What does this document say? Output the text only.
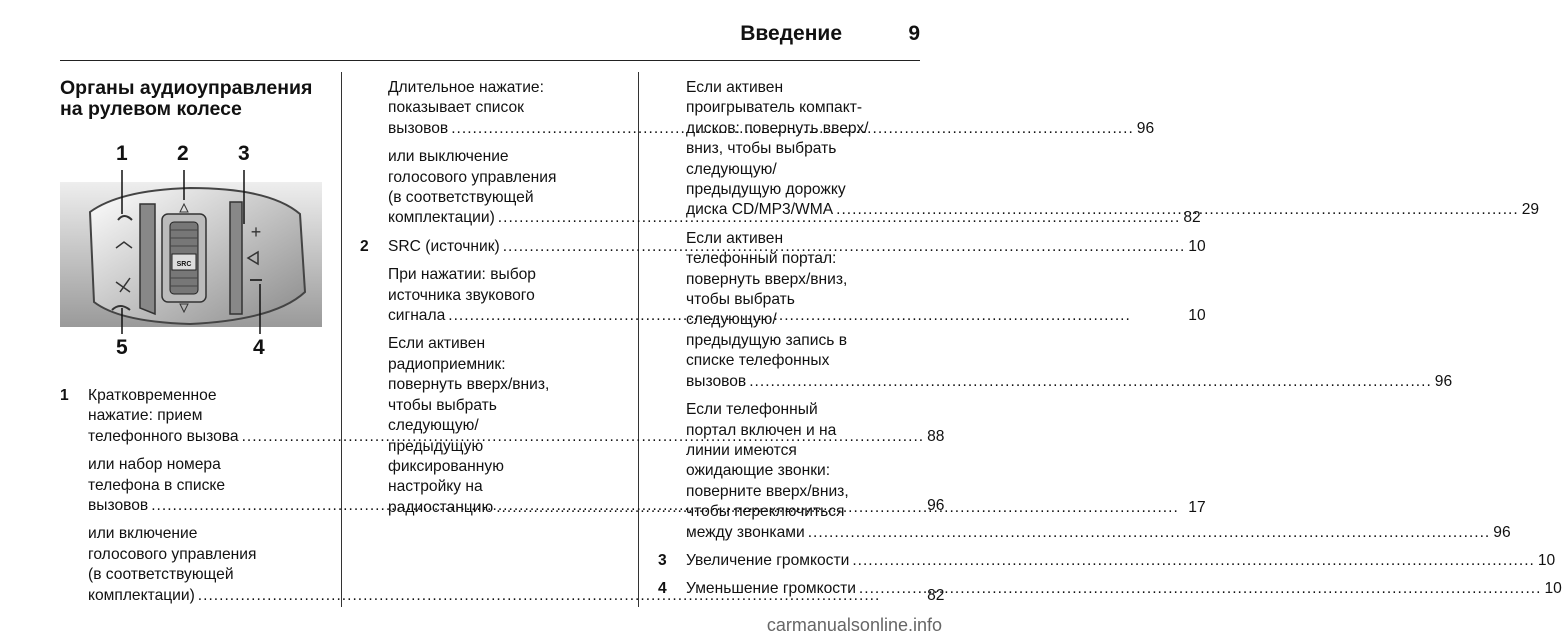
Введение	9
Органы аудиоуправления на рулевом колесе
SRC
+
1 2 3
4
5
1	Кратковременное
нажатие: прием
телефонного вызова .....	88
или набор номера
телефона в списке
вызовов .....	96
или включение
голосового управления
(в соответствующей
комплектации) .....	82
Длительное нажатие:
показывает список
вызовов .....	96
или выключение
голосового управления
(в соответствующей
комплектации) .....	82
2	SRC (источник) .....	10
При нажатии: выбор
источника звукового
сигнала .....	10
Если активен
радиоприемник:
повернуть вверх/вниз,
чтобы выбрать
следующую/
предыдущую
фиксированную
настройку на
радиостанцию .....	17
Если активен
проигрыватель компакт-
дисков: повернуть вверх/
вниз, чтобы выбрать
следующую/
предыдущую дорожку
диска CD/MP3/WMA .....	29
Если активен
телефонный портал:
повернуть вверх/вниз,
чтобы выбрать
следующую/
предыдущую запись в
списке телефонных
вызовов .....	96
Если телефонный
портал включен и на
линии имеются
ожидающие звонки:
поверните вверх/вниз,
чтобы переключиться
между звонками .....	96
3	Увеличение громкости .....	10
4	Уменьшение громкости .....	10
carmanualsonline.info
